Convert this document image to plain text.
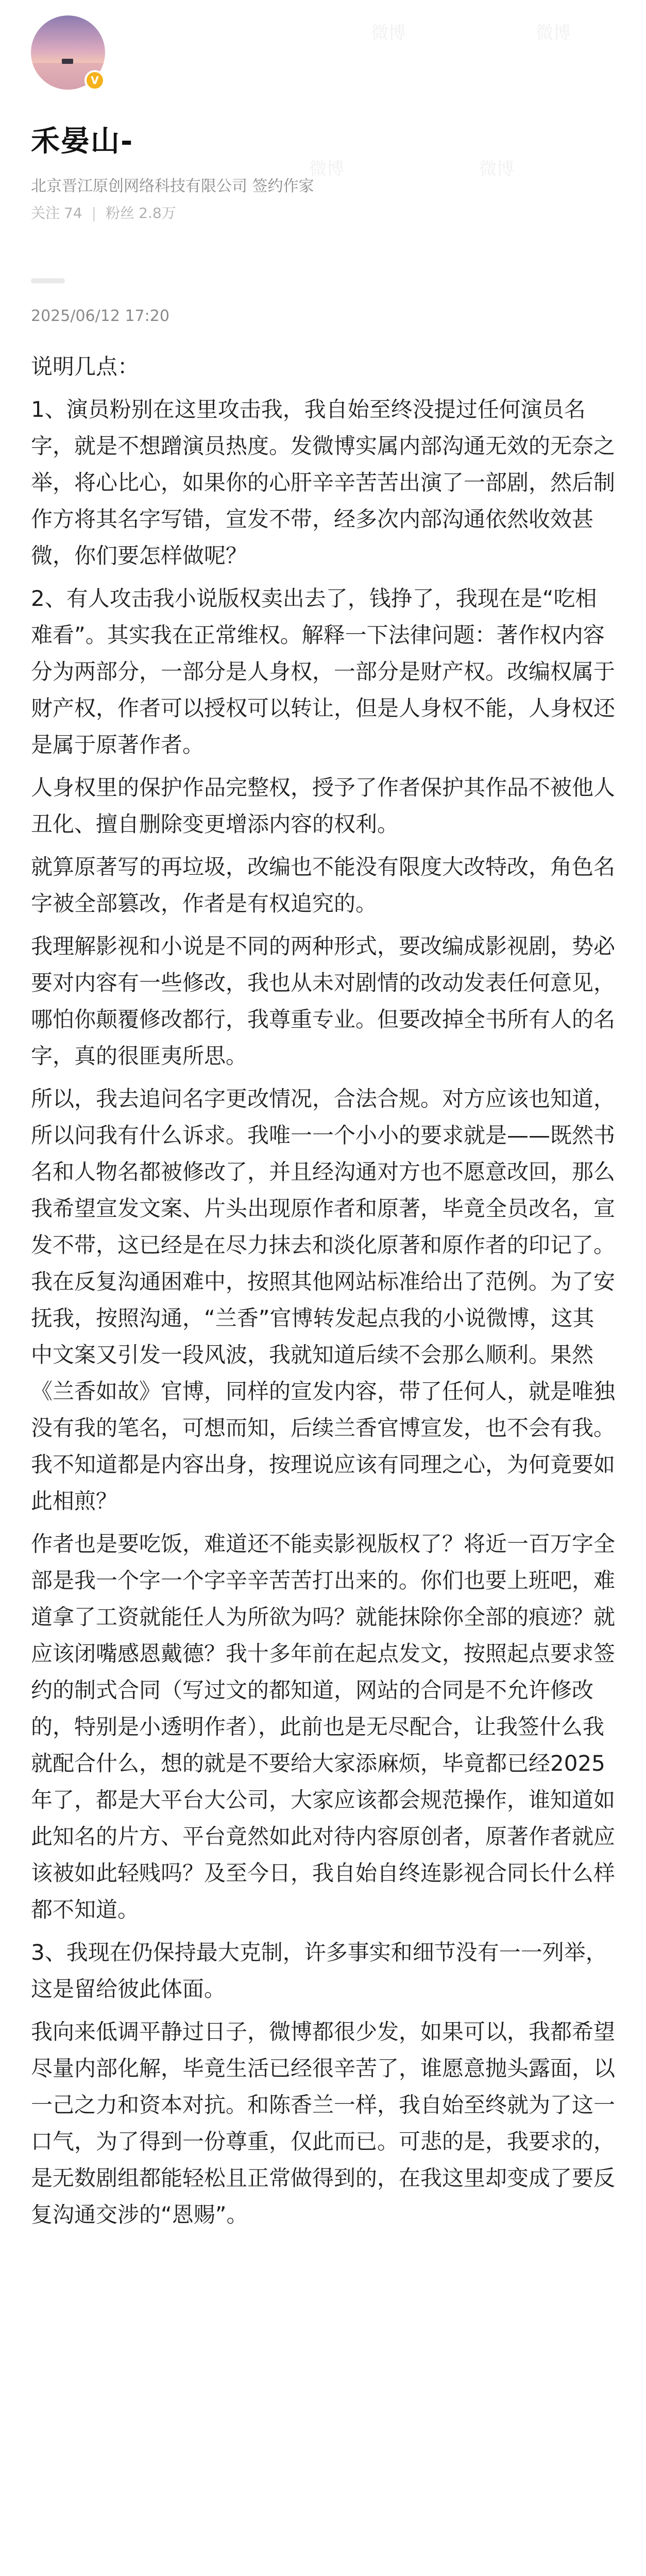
V
禾晏山-
北京晋江原创网络科技有限公司 签约作家
关注 74 | 粉丝 2.8万
微博	微博
微博
微博
2025/06/12 17:20

说明几点：

1、演员粉别在这里攻击我，我自始至终没提过任何演员名字，就是不想蹭演员热度。发微博实属内部沟通无效的无奈之举，将心比心，如果你的心肝辛辛苦苦出演了一部剧，然后制作方将其名字写错，宣发不带，经多次内部沟通依然收效甚微，你们要怎样做呢？

2、有人攻击我小说版权卖出去了，钱挣了，我现在是“吃相难看”。其实我在正常维权。解释一下法律问题：著作权内容分为两部分，一部分是人身权，一部分是财产权。改编权属于财产权，作者可以授权可以转让，但是人身权不能，人身权还是属于原著作者。

人身权里的保护作品完整权，授予了作者保护其作品不被他人丑化、擅自删除变更增添内容的权利。

就算原著写的再垃圾，改编也不能没有限度大改特改，角色名字被全部篡改，作者是有权追究的。

我理解影视和小说是不同的两种形式，要改编成影视剧，势必要对内容有一些修改，我也从未对剧情的改动发表任何意见，哪怕你颠覆修改都行，我尊重专业。但要改掉全书所有人的名字，真的很匪夷所思。

所以，我去追问名字更改情况，合法合规。对方应该也知道，所以问我有什么诉求。我唯一一个小小的要求就是——既然书名和人物名都被修改了，并且经沟通对方也不愿意改回，那么我希望宣发文案、片头出现原作者和原著，毕竟全员改名，宣发不带，这已经是在尽力抹去和淡化原著和原作者的印记了。我在反复沟通困难中，按照其他网站标准给出了范例。为了安抚我，按照沟通，“兰香”官博转发起点我的小说微博，这其中文案又引发一段风波，我就知道后续不会那么顺利。果然《兰香如故》官博，同样的宣发内容，带了任何人，就是唯独没有我的笔名，可想而知，后续兰香官博宣发，也不会有我。我不知道都是内容出身，按理说应该有同理之心，为何竟要如此相煎？

作者也是要吃饭，难道还不能卖影视版权了？将近一百万字全部是我一个字一个字辛辛苦苦打出来的。你们也要上班吧，难道拿了工资就能任人为所欲为吗？就能抹除你全部的痕迹？就应该闭嘴感恩戴德？我十多年前在起点发文，按照起点要求签约的制式合同（写过文的都知道，网站的合同是不允许修改的，特别是小透明作者），此前也是无尽配合，让我签什么我就配合什么，想的就是不要给大家添麻烦，毕竟都已经2025年了，都是大平台大公司，大家应该都会规范操作，谁知道如此知名的片方、平台竟然如此对待内容原创者，原著作者就应该被如此轻贱吗？及至今日，我自始自终连影视合同长什么样都不知道。

3、我现在仍保持最大克制，许多事实和细节没有一一列举，这是留给彼此体面。

我向来低调平静过日子，微博都很少发，如果可以，我都希望尽量内部化解，毕竟生活已经很辛苦了，谁愿意抛头露面，以一己之力和资本对抗。和陈香兰一样，我自始至终就为了这一口气，为了得到一份尊重，仅此而已。可悲的是，我要求的，是无数剧组都能轻松且正常做得到的，在我这里却变成了要反复沟通交涉的“恩赐”。
